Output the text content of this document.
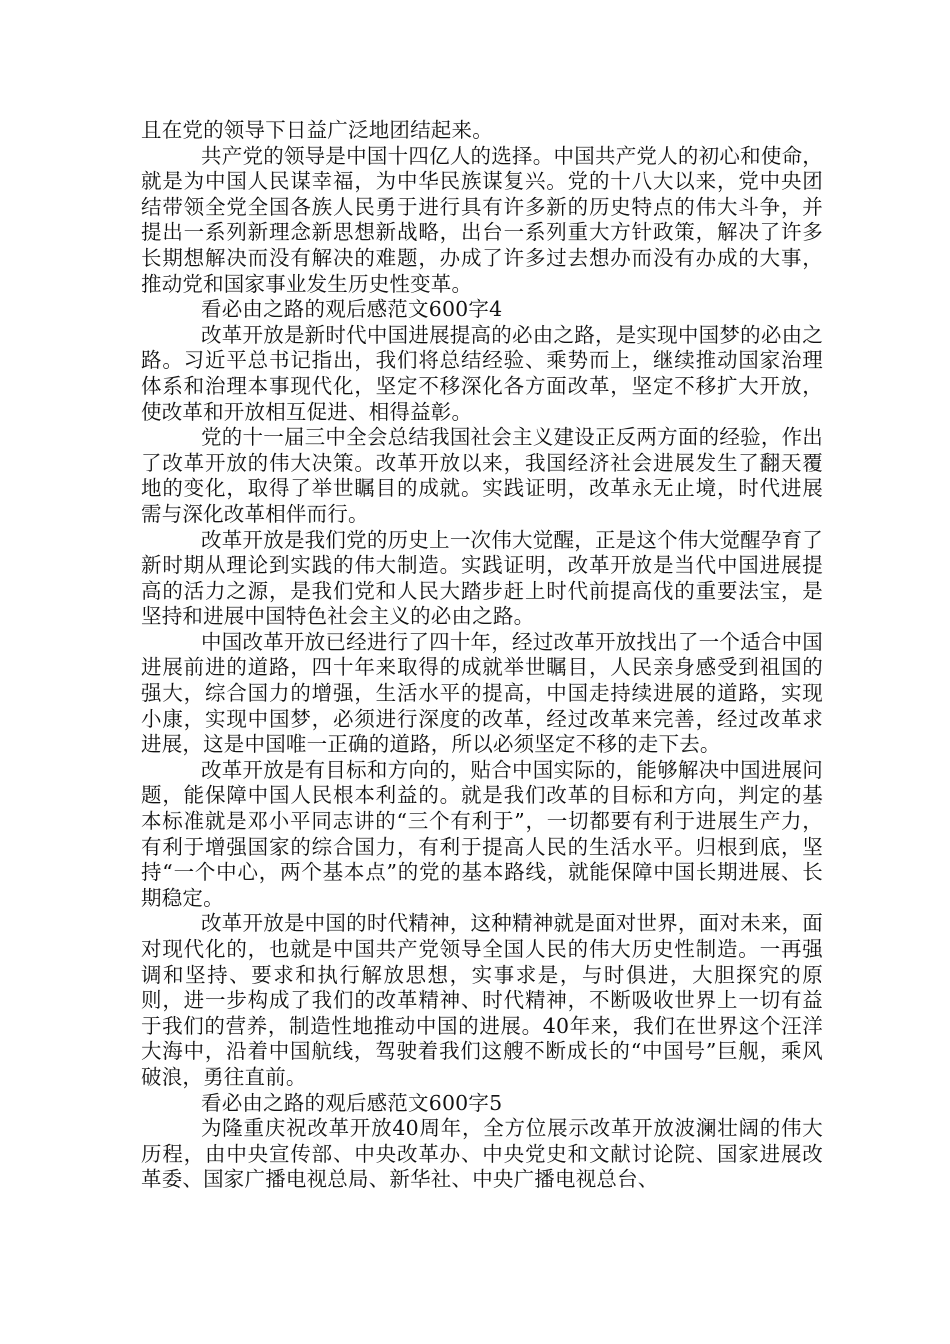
且在党的领导下日益广泛地团结起来。

共产党的领导是中国十四亿人的选择。中国共产党人的初心和使命，就是为中国人民谋幸福，为中华民族谋复兴。党的十八大以来，党中央团结带领全党全国各族人民勇于进行具有许多新的历史特点的伟大斗争，并提出一系列新理念新思想新战略，出台一系列重大方针政策，解决了许多长期想解决而没有解决的难题，办成了许多过去想办而没有办成的大事，推动党和国家事业发生历史性变革。

看必由之路的观后感范文600字4

改革开放是新时代中国进展提高的必由之路，是实现中国梦的必由之路。习近平总书记指出，我们将总结经验、乘势而上，继续推动国家治理体系和治理本事现代化，坚定不移深化各方面改革，坚定不移扩大开放，使改革和开放相互促进、相得益彰。

党的十一届三中全会总结我国社会主义建设正反两方面的经验，作出了改革开放的伟大决策。改革开放以来，我国经济社会进展发生了翻天覆地的变化，取得了举世瞩目的成就。实践证明，改革永无止境，时代进展需与深化改革相伴而行。

改革开放是我们党的历史上一次伟大觉醒，正是这个伟大觉醒孕育了新时期从理论到实践的伟大制造。实践证明，改革开放是当代中国进展提高的活力之源，是我们党和人民大踏步赶上时代前提高伐的重要法宝，是坚持和进展中国特色社会主义的必由之路。

中国改革开放已经进行了四十年，经过改革开放找出了一个适合中国进展前进的道路，四十年来取得的成就举世瞩目，人民亲身感受到祖国的强大，综合国力的增强，生活水平的提高，中国走持续进展的道路，实现小康，实现中国梦，必须进行深度的改革，经过改革来完善，经过改革求进展，这是中国唯一正确的道路，所以必须坚定不移的走下去。

改革开放是有目标和方向的，贴合中国实际的，能够解决中国进展问题，能保障中国人民根本利益的。就是我们改革的目标和方向，判定的基本标准就是邓小平同志讲的“三个有利于”，一切都要有利于进展生产力，有利于增强国家的综合国力，有利于提高人民的生活水平。归根到底，坚持“一个中心，两个基本点”的党的基本路线，就能保障中国长期进展、长期稳定。

改革开放是中国的时代精神，这种精神就是面对世界，面对未来，面对现代化的，也就是中国共产党领导全国人民的伟大历史性制造。一再强调和坚持、要求和执行解放思想，实事求是，与时俱进，大胆探究的原则，进一步构成了我们的改革精神、时代精神，不断吸收世界上一切有益于我们的营养，制造性地推动中国的进展。40年来，我们在世界这个汪洋大海中，沿着中国航线，驾驶着我们这艘不断成长的“中国号”巨舰，乘风破浪，勇往直前。

看必由之路的观后感范文600字5

为隆重庆祝改革开放40周年，全方位展示改革开放波澜壮阔的伟大历程，由中央宣传部、中央改革办、中央党史和文献讨论院、国家进展改革委、国家广播电视总局、新华社、中央广播电视总台、
